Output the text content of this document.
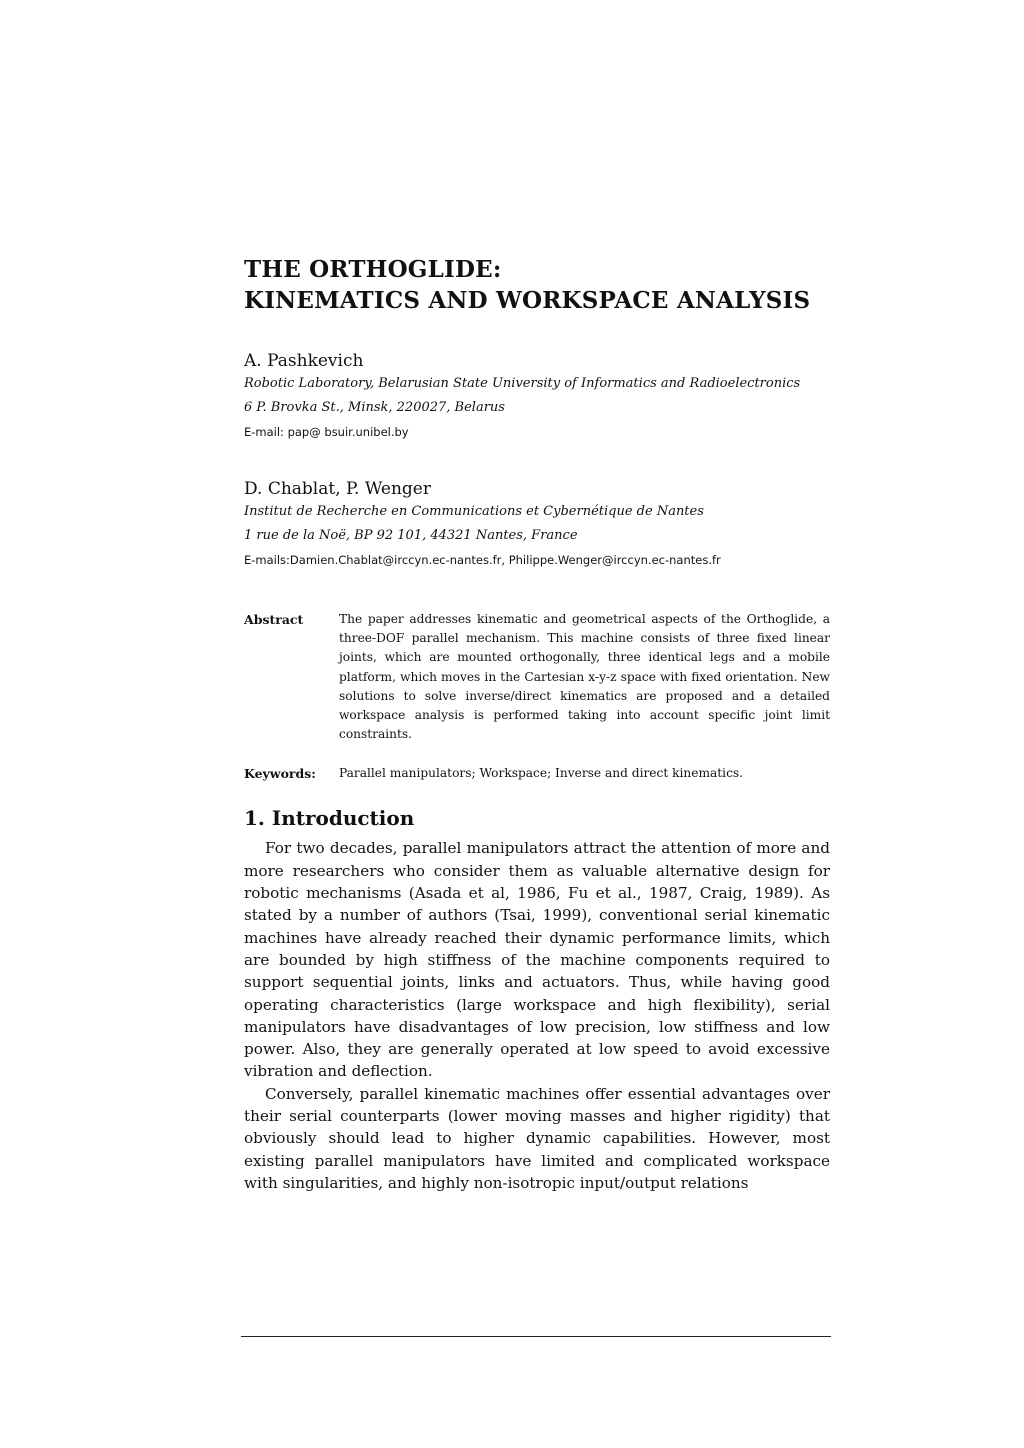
THE ORTHOGLIDE:
KINEMATICS AND WORKSPACE ANALYSIS
A. Pashkevich
Robotic Laboratory, Belarusian State University of Informatics and Radioelectronics
6 P. Brovka St., Minsk, 220027, Belarus
E-mail: pap@ bsuir.unibel.by
D. Chablat, P. Wenger
Institut de Recherche en Communications et Cybernétique de Nantes
1 rue de la Noë, BP 92 101, 44321 Nantes, France
E-mails:Damien.Chablat@irccyn.ec-nantes.fr, Philippe.Wenger@irccyn.ec-nantes.fr
Abstract	The paper addresses kinematic and geometrical aspects of the Orthoglide, a three-DOF parallel mechanism. This machine consists of three fixed linear joints, which are mounted orthogonally, three identical legs and a mobile platform, which moves in the Cartesian x-y-z space with fixed orientation. New solutions to solve inverse/direct kinematics are proposed and a detailed workspace analysis is performed taking into account specific joint limit constraints.
Keywords:	Parallel manipulators; Workspace; Inverse and direct kinematics.
1. Introduction

For two decades, parallel manipulators attract the attention of more and more researchers who consider them as valuable alternative design for robotic mechanisms (Asada et al, 1986, Fu et al., 1987, Craig, 1989). As stated by a number of authors (Tsai, 1999), conventional serial kinematic machines have already reached their dynamic performance limits, which are bounded by high stiffness of the machine components required to support sequential joints, links and actuators. Thus, while having good operating characteristics (large workspace and high flexibility), serial manipulators have disadvantages of low precision, low stiffness and low power. Also, they are generally operated at low speed to avoid excessive vibration and deflection.

Conversely, parallel kinematic machines offer essential advantages over their serial counterparts (lower moving masses and higher rigidity) that obviously should lead to higher dynamic capabilities. However, most existing parallel manipulators have limited and complicated workspace with singularities, and highly non-isotropic input/output relations
